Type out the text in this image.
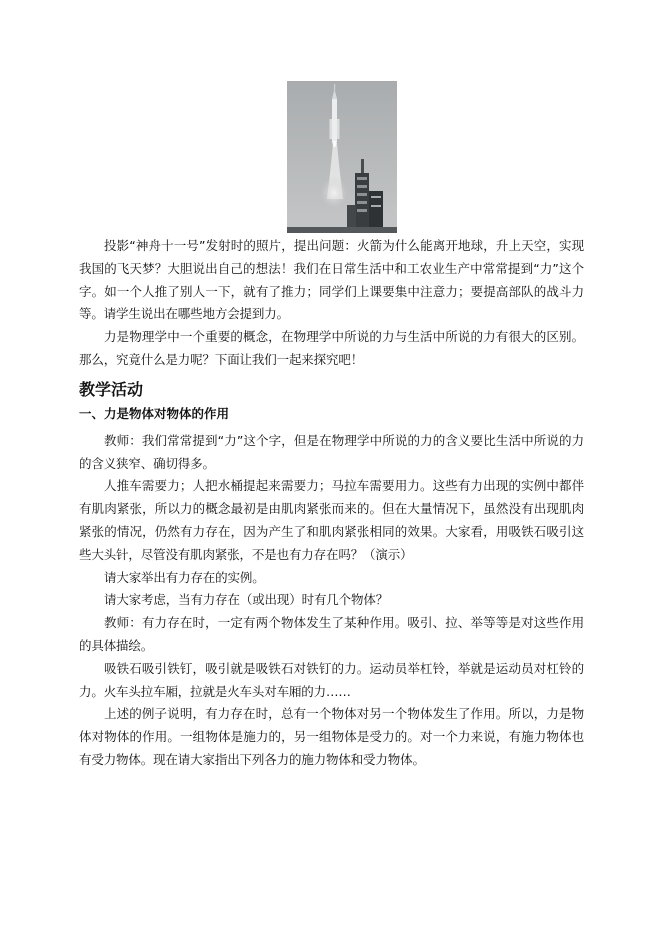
投影“神舟十一号”发射时的照片，提出问题：火箭为什么能离开地球，升上天空，实现我国的飞天梦？大胆说出自己的想法！我们在日常生活中和工农业生产中常常提到“力”这个字。如一个人推了别人一下，就有了推力；同学们上课要集中注意力；要提高部队的战斗力等。请学生说出在哪些地方会提到力。

力是物理学中一个重要的概念，在物理学中所说的力与生活中所说的力有很大的区别。那么，究竟什么是力呢？下面让我们一起来探究吧！

教学活动
一、力是物体对物体的作用

教师：我们常常提到“力”这个字，但是在物理学中所说的力的含义要比生活中所说的力的含义狭窄、确切得多。

人推车需要力；人把水桶提起来需要力；马拉车需要用力。这些有力出现的实例中都伴有肌肉紧张，所以力的概念最初是由肌肉紧张而来的。但在大量情况下，虽然没有出现肌肉紧张的情况，仍然有力存在，因为产生了和肌肉紧张相同的效果。大家看，用吸铁石吸引这些大头针，尽管没有肌肉紧张，不是也有力存在吗？（演示）

请大家举出有力存在的实例。

请大家考虑，当有力存在（或出现）时有几个物体？

教师：有力存在时，一定有两个物体发生了某种作用。吸引、拉、举等等是对这些作用的具体描绘。

吸铁石吸引铁钉，吸引就是吸铁石对铁钉的力。运动员举杠铃，举就是运动员对杠铃的力。火车头拉车厢，拉就是火车头对车厢的力……

上述的例子说明，有力存在时，总有一个物体对另一个物体发生了作用。所以，力是物体对物体的作用。一组物体是施力的，另一组物体是受力的。对一个力来说，有施力物体也有受力物体。现在请大家指出下列各力的施力物体和受力物体。
